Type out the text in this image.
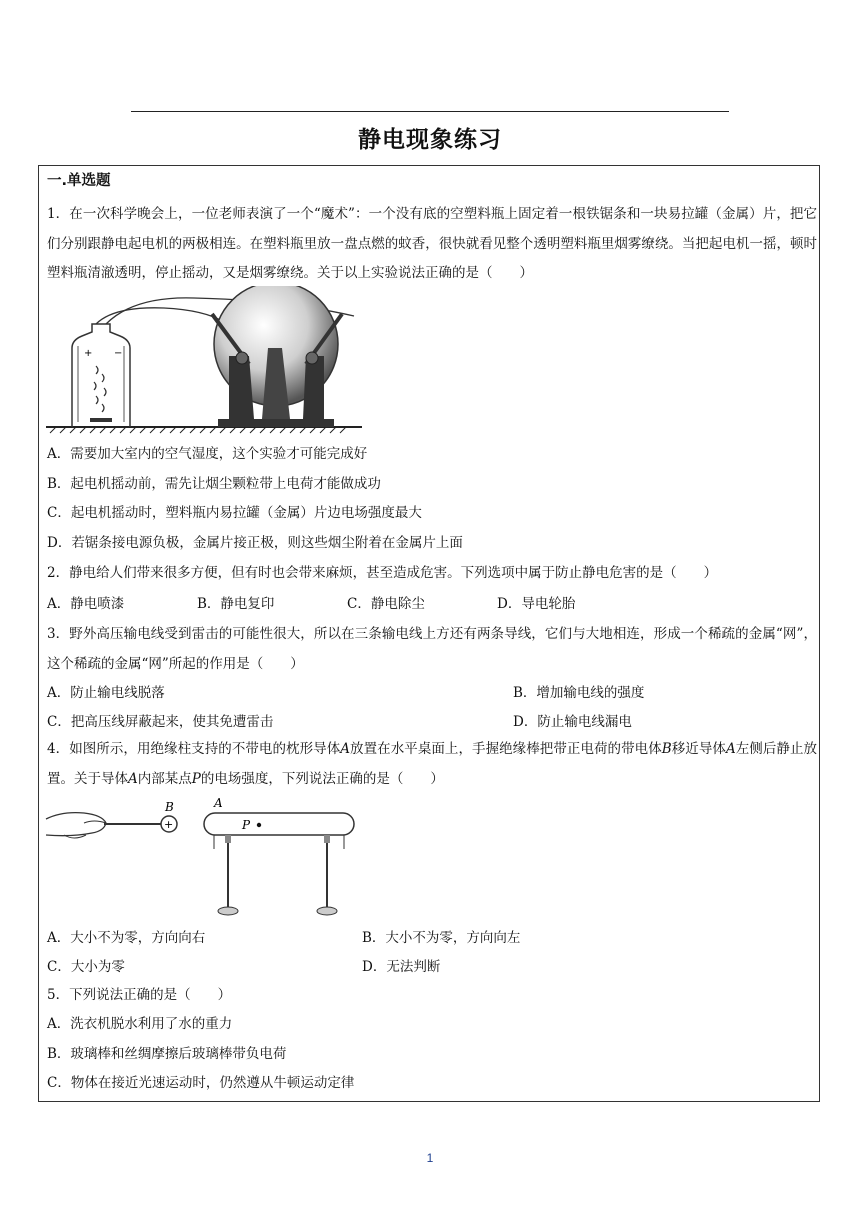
静电现象练习
一.单选题
1．在一次科学晚会上，一位老师表演了一个“魔术”：一个没有底的空塑料瓶上固定着一根铁锯条和一块易拉罐（金属）片，把它们分别跟静电起电机的两极相连。在塑料瓶里放一盘点燃的蚊香，很快就看见整个透明塑料瓶里烟雾缭绕。当把起电机一摇，顿时塑料瓶清澈透明，停止摇动，又是烟雾缭绕。关于以上实验说法正确的是（　　）
+ −
A．需要加大室内的空气湿度，这个实验才可能完成好
B．起电机摇动前，需先让烟尘颗粒带上电荷才能做成功
C．起电机摇动时，塑料瓶内易拉罐（金属）片边电场强度最大
D．若锯条接电源负极，金属片接正极，则这些烟尘附着在金属片上面
2．静电给人们带来很多方便，但有时也会带来麻烦，甚至造成危害。下列选项中属于防止静电危害的是（　　）
A．静电喷漆	B．静电复印	C．静电除尘	D．导电轮胎
3．野外高压输电线受到雷击的可能性很大，所以在三条输电线上方还有两条导线，它们与大地相连，形成一个稀疏的金属“网”，这个稀疏的金属“网”所起的作用是（　　）
A．防止输电线脱落	B．增加输电线的强度
C．把高压线屏蔽起来，使其免遭雷击	D．防止输电线漏电
4．如图所示，用绝缘柱支持的不带电的枕形导体A放置在水平桌面上，手握绝缘棒把带正电荷的带电体B移近导体A左侧后静止放置。关于导体A内部某点P的电场强度，下列说法正确的是（　　）
+
B	A
P
A．大小不为零，方向向右	B．大小不为零，方向向左
C．大小为零	D．无法判断
5．下列说法正确的是（　　）
A．洗衣机脱水利用了水的重力
B．玻璃棒和丝绸摩擦后玻璃棒带负电荷
C．物体在接近光速运动时，仍然遵从牛顿运动定律
1
